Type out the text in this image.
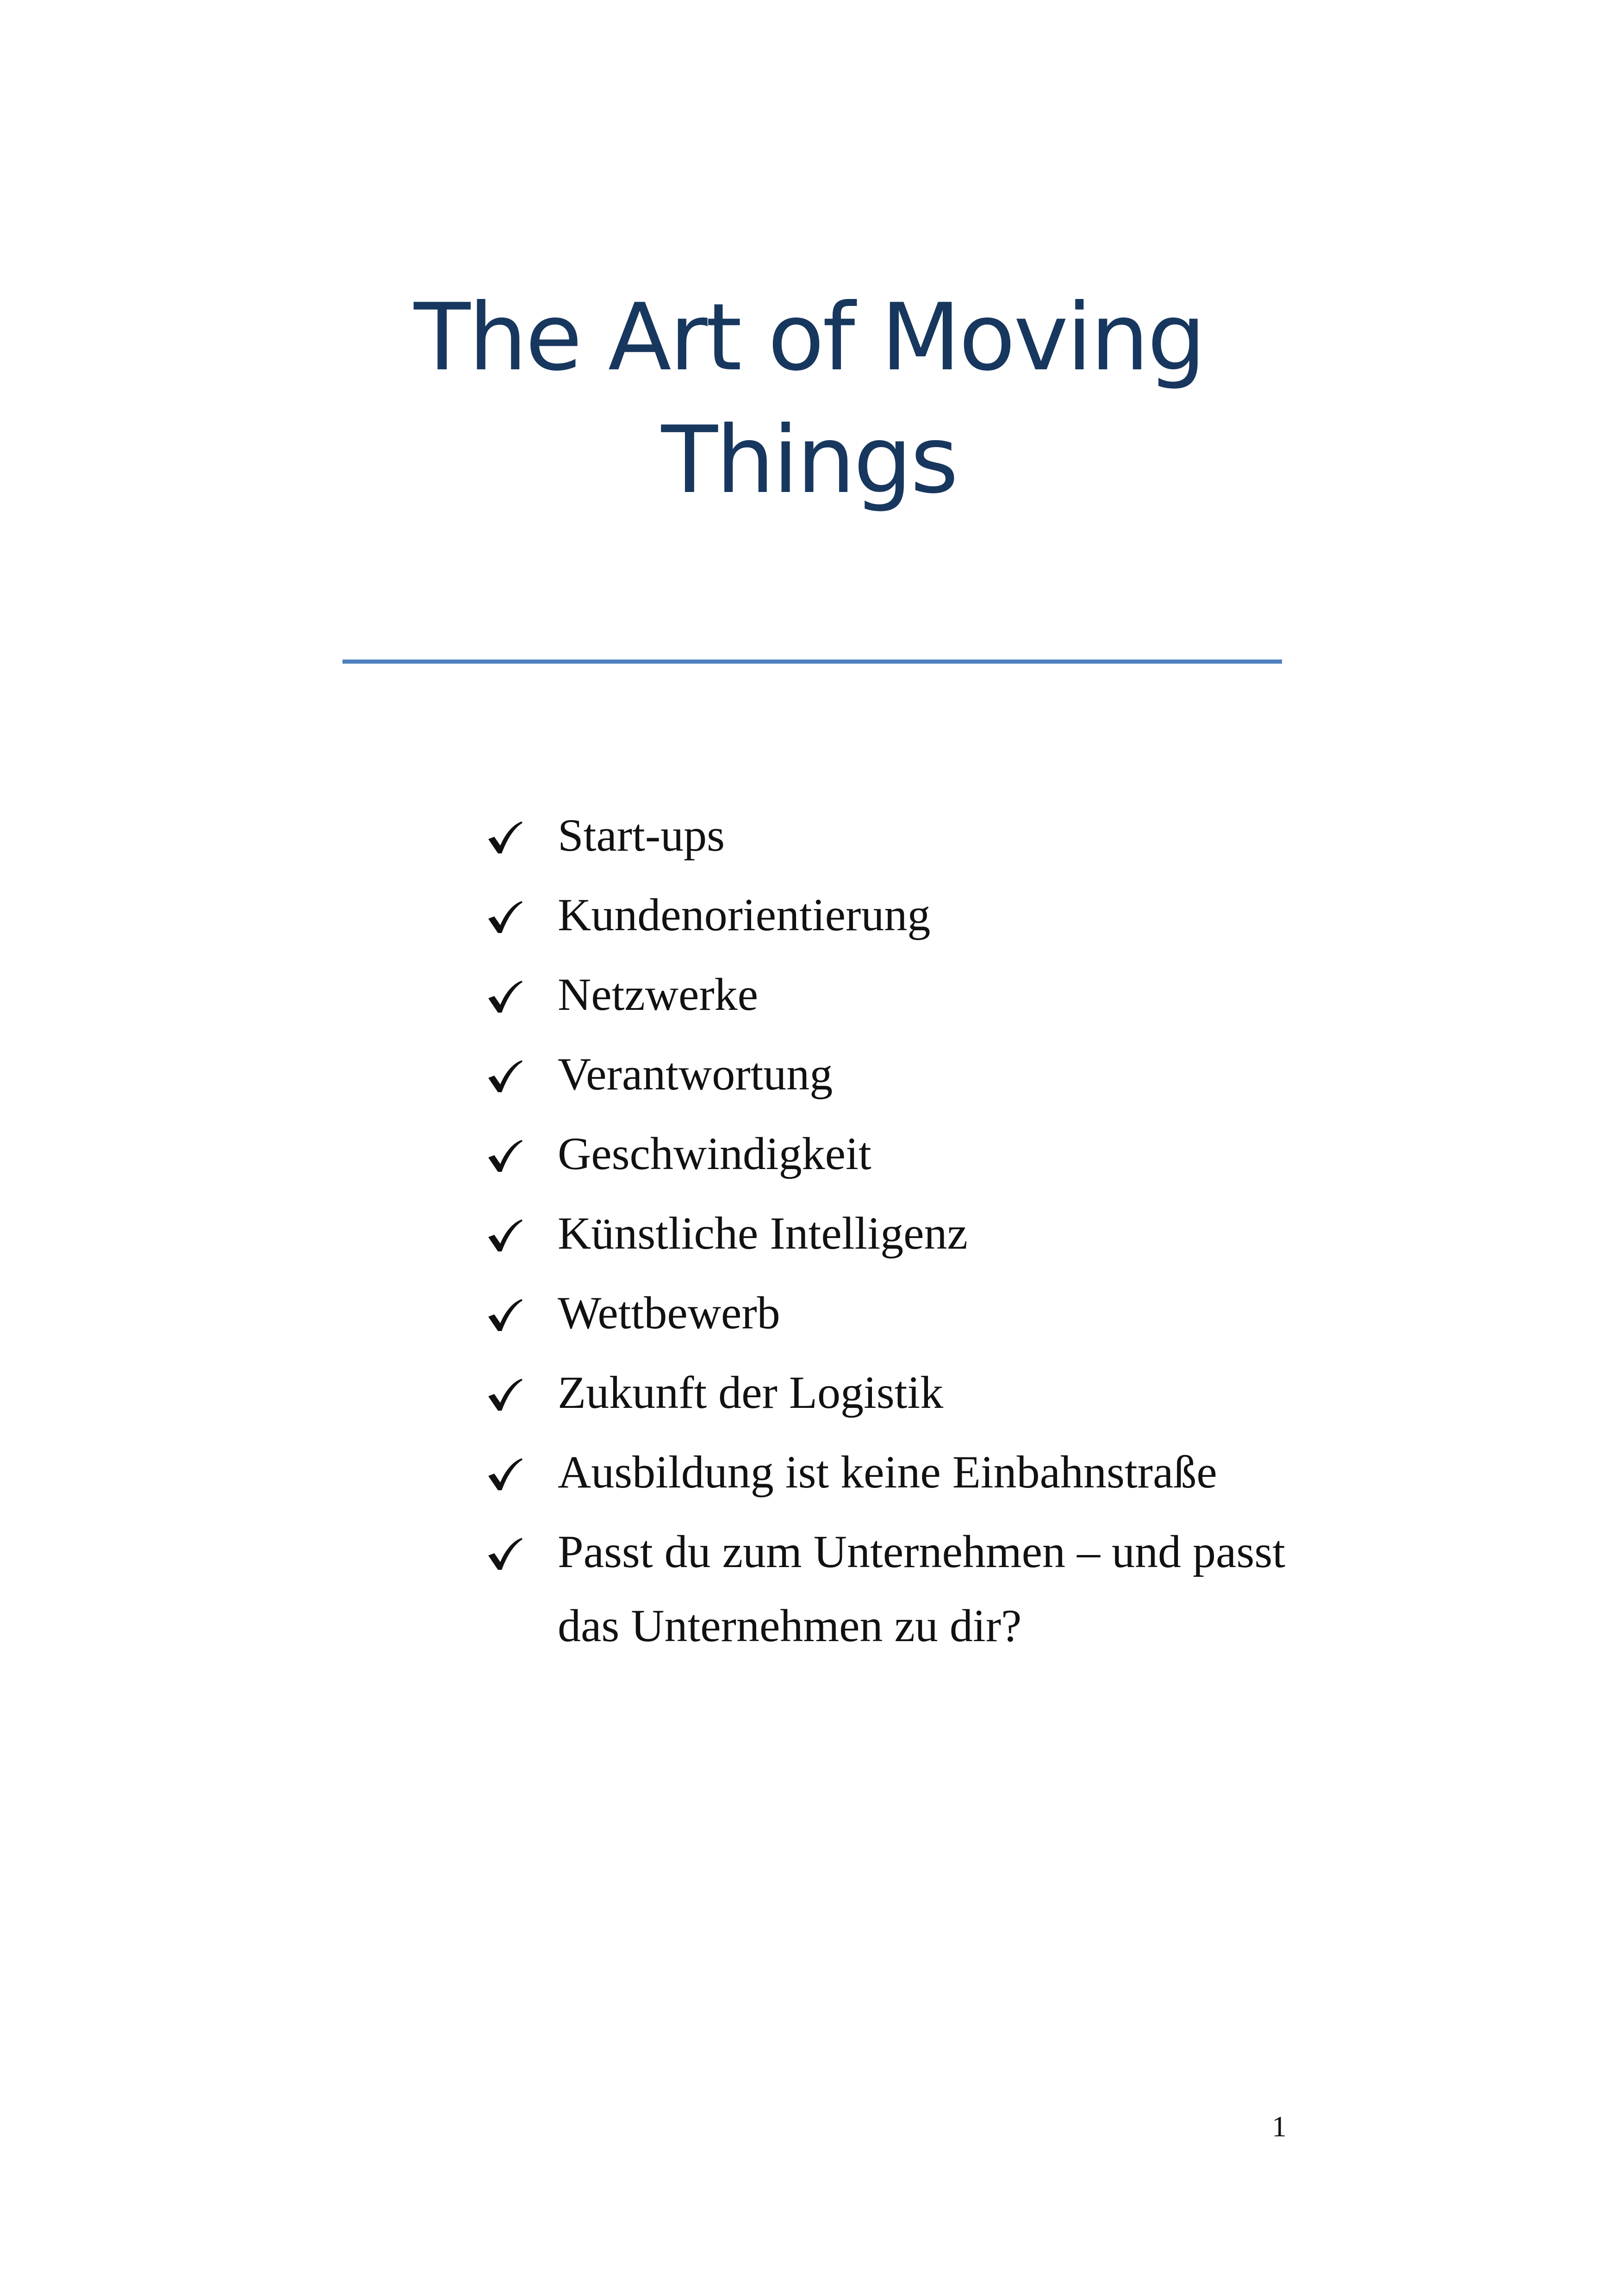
The Art of Moving
Things
Start-ups
Kundenorientierung
Netzwerke
Verantwortung
Geschwindigkeit
Künstliche Intelligenz
Wettbewerb
Zukunft der Logistik
Ausbildung ist keine Einbahnstraße
Passt du zum Unternehmen – und passt das Unternehmen zu dir?
1
